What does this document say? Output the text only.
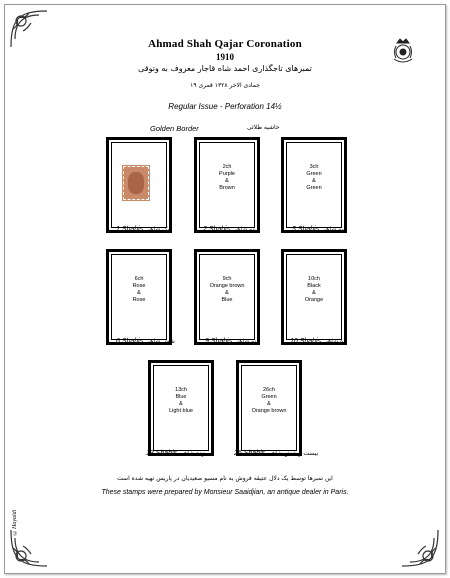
Ahmad Shah Qajar Coronation
1910
تمبرهای تاجگذاری احمد شاه قاجار معروف به وتوقی
۱۹ جمادی الاخر ۱۳۲۸ قمری
Regular Issue - Perforation 14½
Golden Border	حاشیه طلائی
1 Shahis یک شاهی
2ch
Purple
&
Brown
2 Shahis دو شاهی
3ch
Green
&
Green
3 Shahis سه شاهی
6ch
Rose
&
Rose
6 Shahis شش شاهی
9ch
Orange brown
&
Blue
9 Shahis نه شاهی
10ch
Black
&
Orange
10 Shahis ده شاهی
13ch
Blue
&
Light blue
13 Shahis سیزده شاهی
26ch
Green
&
Orange brown
26 Shahis بیست و شش شاهی
این تمبرها توسط یک دلال عتیقه فروش به نام مسیو صعیدیان در پاریس تهیه شده است
These stamps were prepared by Monsieur Saaidjian, an antique dealer in Paris.
©Hayaldi
